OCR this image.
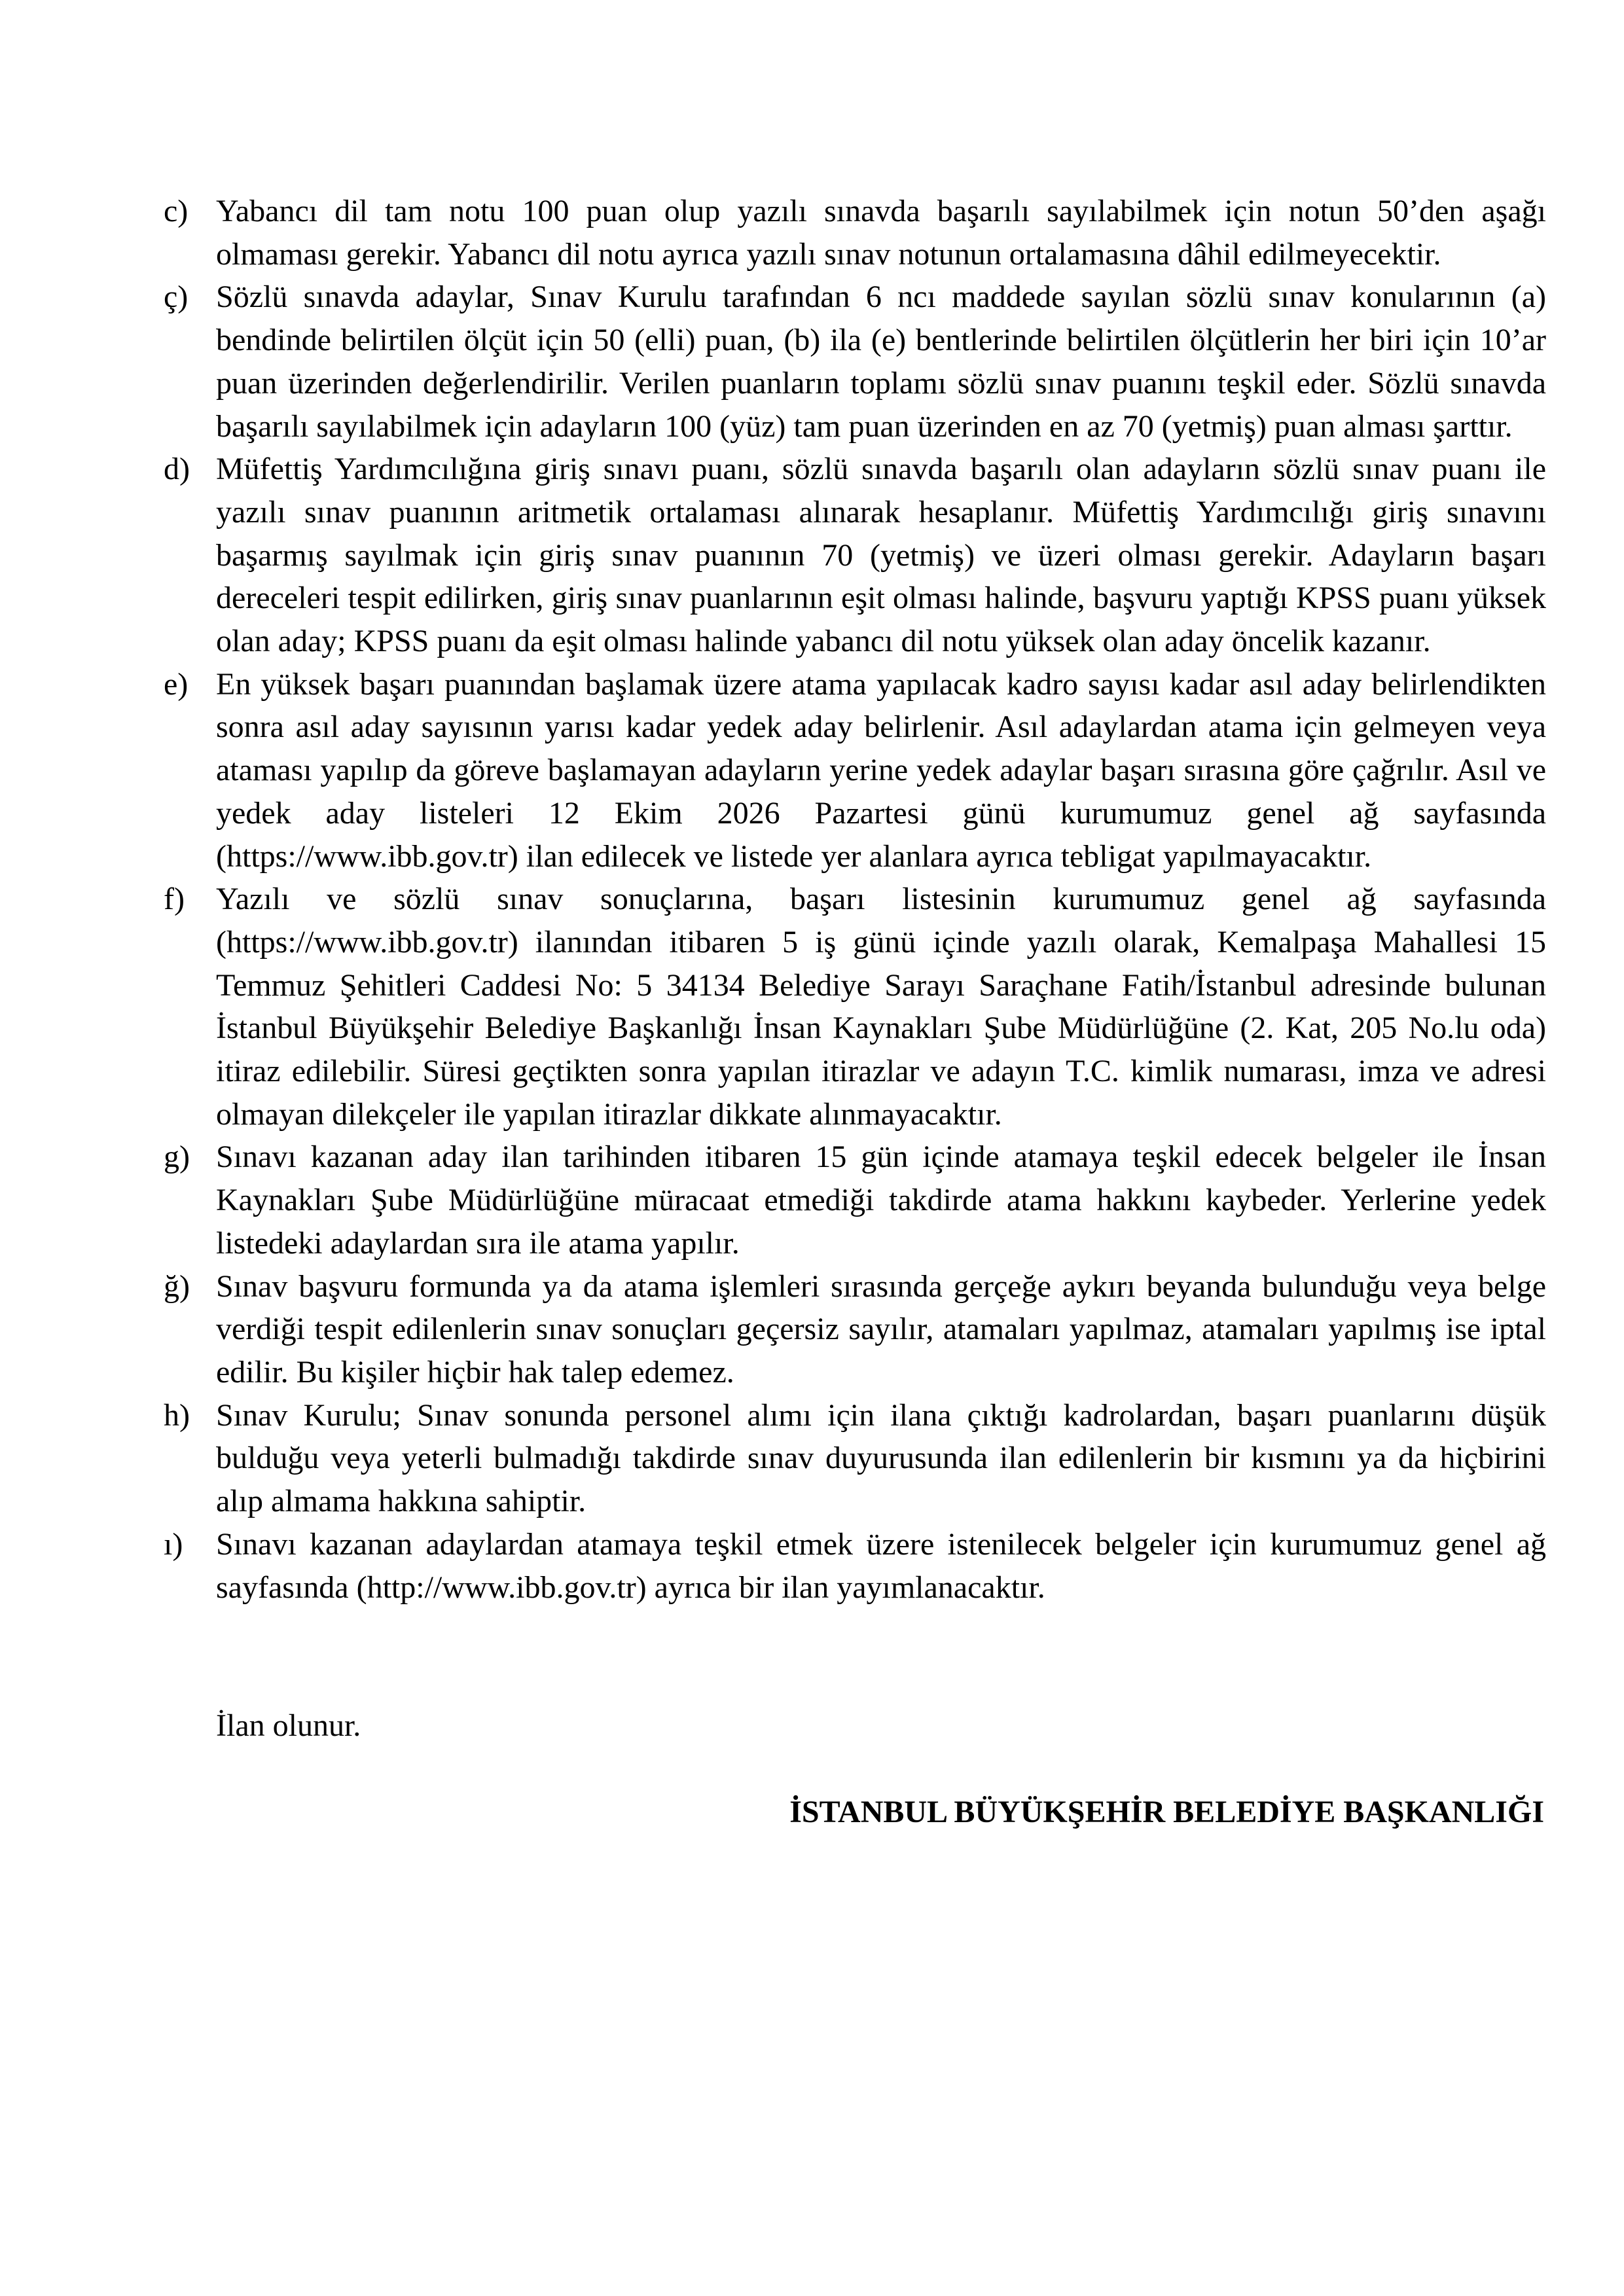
c) Yabancı dil tam notu 100 puan olup yazılı sınavda başarılı sayılabilmek için notun 50’den aşağı olmaması gerekir. Yabancı dil notu ayrıca yazılı sınav notunun ortalamasına dâhil edilmeyecektir.
ç) Sözlü sınavda adaylar, Sınav Kurulu tarafından 6 ncı maddede sayılan sözlü sınav konularının (a) bendinde belirtilen ölçüt için 50 (elli) puan, (b) ila (e) bentlerinde belirtilen ölçütlerin her biri için 10’ar puan üzerinden değerlendirilir. Verilen puanların toplamı sözlü sınav puanını teşkil eder. Sözlü sınavda başarılı sayılabilmek için adayların 100 (yüz) tam puan üzerinden en az 70 (yetmiş) puan alması şarttır.
d) Müfettiş Yardımcılığına giriş sınavı puanı, sözlü sınavda başarılı olan adayların sözlü sınav puanı ile yazılı sınav puanının aritmetik ortalaması alınarak hesaplanır. Müfettiş Yardımcılığı giriş sınavını başarmış sayılmak için giriş sınav puanının 70 (yetmiş) ve üzeri olması gerekir. Adayların başarı dereceleri tespit edilirken, giriş sınav puanlarının eşit olması halinde, başvuru yaptığı KPSS puanı yüksek olan aday; KPSS puanı da eşit olması halinde yabancı dil notu yüksek olan aday öncelik kazanır.
e) En yüksek başarı puanından başlamak üzere atama yapılacak kadro sayısı kadar asıl aday belirlendikten sonra asıl aday sayısının yarısı kadar yedek aday belirlenir. Asıl adaylardan atama için gelmeyen veya ataması yapılıp da göreve başlamayan adayların yerine yedek adaylar başarı sırasına göre çağrılır. Asıl ve yedek aday listeleri 12 Ekim 2026 Pazartesi günü kurumumuz genel ağ sayfasında (https://www.ibb.gov.tr) ilan edilecek ve listede yer alanlara ayrıca tebligat yapılmayacaktır.
f)	Yazılı ve sözlü sınav sonuçlarına, başarı listesinin kurumumuz genel ağ sayfasında (https://www.ibb.gov.tr) ilanından itibaren 5 iş günü içinde yazılı olarak, Kemalpaşa Mahallesi 15 Temmuz Şehitleri Caddesi No: 5 34134 Belediye Sarayı Saraçhane Fatih/İstanbul adresinde bulunan İstanbul Büyükşehir Belediye Başkanlığı İnsan Kaynakları Şube Müdürlüğüne (2. Kat, 205 No.lu oda) itiraz edilebilir. Süresi geçtikten sonra yapılan itirazlar ve adayın T.C. kimlik numarası, imza ve adresi olmayan dilekçeler ile yapılan itirazlar dikkate alınmayacaktır.
g) Sınavı kazanan aday ilan tarihinden itibaren 15 gün içinde atamaya teşkil edecek belgeler ile İnsan Kaynakları Şube Müdürlüğüne müracaat etmediği takdirde atama hakkını kaybeder. Yerlerine yedek listedeki adaylardan sıra ile atama yapılır.
ğ) Sınav başvuru formunda ya da atama işlemleri sırasında gerçeğe aykırı beyanda bulunduğu veya belge verdiği tespit edilenlerin sınav sonuçları geçersiz sayılır, atamaları yapılmaz, atamaları yapılmış ise iptal edilir. Bu kişiler hiçbir hak talep edemez.
h) Sınav Kurulu; Sınav sonunda personel alımı için ilana çıktığı kadrolardan, başarı puanlarını düşük bulduğu veya yeterli bulmadığı takdirde sınav duyurusunda ilan edilenlerin bir kısmını ya da hiçbirini alıp almama hakkına sahiptir.
ı)	Sınavı kazanan adaylardan atamaya teşkil etmek üzere istenilecek belgeler için kurumumuz genel ağ sayfasında (http://www.ibb.gov.tr) ayrıca bir ilan yayımlanacaktır.

İlan olunur.

İSTANBUL BÜYÜKŞEHİR BELEDİYE BAŞKANLIĞI
